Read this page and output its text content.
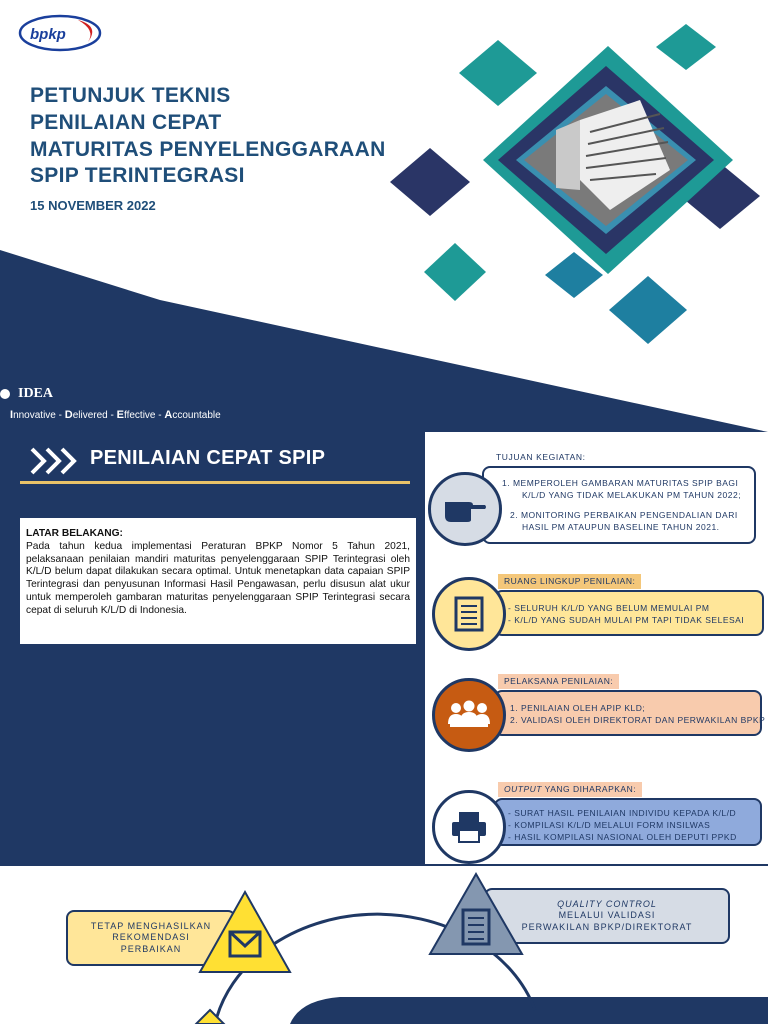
bpkp
PETUNJUK TEKNIS
PENILAIAN CEPAT
MATURITAS PENYELENGGARAAN
SPIP TERINTEGRASI
15 NOVEMBER 2022
IDEA
Innovative - Delivered - Effective - Accountable
PENILAIAN CEPAT SPIP
LATAR BELAKANG:
Pada tahun kedua implementasi Peraturan BPKP Nomor 5 Tahun 2021, pelaksanaan penilaian mandiri maturitas penyelenggaraan SPIP Terintegrasi oleh K/L/D belum dapat dilakukan secara optimal. Untuk menetapkan data capaian SPIP Terintegrasi dan penyusunan Informasi Hasil Pengawasan, perlu disusun alat ukur untuk memperoleh gambaran maturitas penyelenggaraan SPIP Terintegrasi secara cepat di seluruh K/L/D di Indonesia.
TUJUAN KEGIATAN:
1. MEMPEROLEH GAMBARAN MATURITAS SPIP BAGI
K/L/D YANG TIDAK MELAKUKAN PM TAHUN 2022;
2. MONITORING PERBAIKAN PENGENDALIAN DARI
HASIL PM ATAUPUN BASELINE TAHUN 2021.
RUANG LINGKUP PENILAIAN:
- SELURUH K/L/D YANG BELUM MEMULAI PM
- K/L/D YANG SUDAH MULAI PM TAPI TIDAK SELESAI
PELAKSANA PENILAIAN:
1. PENILAIAN OLEH APIP KLD;
2. VALIDASI OLEH DIREKTORAT DAN PERWAKILAN BPKP
OUTPUT YANG DIHARAPKAN:
- SURAT HASIL PENILAIAN INDIVIDU KEPADA K/L/D
- KOMPILASI K/L/D MELALUI FORM INSILWAS
- HASIL KOMPILASI NASIONAL OLEH DEPUTI PPKD
TETAP MENGHASILKAN
REKOMENDASI
PERBAIKAN
QUALITY CONTROL
MELALUI VALIDASI
PERWAKILAN BPKP/DIREKTORAT
